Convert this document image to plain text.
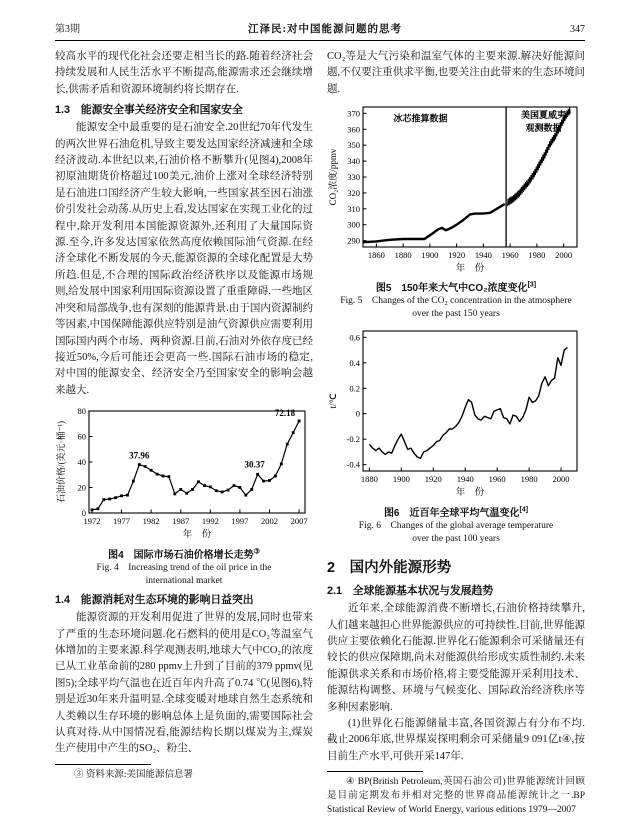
第3期	江泽民:对中国能源问题的思考	347

较高水平的现代化社会还要走相当长的路.随着经济社会持续发展和人民生活水平不断提高,能源需求还会继续增长,供需矛盾和资源环境制约将长期存在.

1.3　能源安全事关经济安全和国家安全

能源安全中最重要的是石油安全.20世纪70年代发生的两次世界石油危机,导致主要发达国家经济减速和全球经济波动.本世纪以来,石油价格不断攀升(见图4),2008年初原油期货价格超过100美元,油价上涨对全球经济特别是石油进口国经济产生较大影响,一些国家甚至因石油涨价引发社会动荡.从历史上看,发达国家在实现工业化的过程中,除开发利用本国能源资源外,还利用了大量国际资源.至今,许多发达国家依然高度依赖国际油气资源.在经济全球化不断发展的今天,能源资源的全球化配置是大势所趋.但是,不合理的国际政治经济秩序以及能源市场规则,给发展中国家利用国际资源设置了重重障碍.一些地区冲突和局部战争,也有深刻的能源背景.由于国内资源制约等因素,中国保障能源供应特别是油气资源供应需要利用国际国内两个市场、两种资源.目前,石油对外依存度已经接近50%,今后可能还会更高一些.国际石油市场的稳定,对中国的能源安全、经济安全乃至国家安全的影响会越来越大.

0
20
40
60
80
1972 1977 1982 1987 1992 1997 2002 2007
年　份
石油价格/(美元·桶⁻¹)	37.96
30.37
72.18

图4　国际市场石油价格增长走势③

Fig. 4　Increasing trend of the oil price in the
international market

1.4　能源消耗对生态环境的影响日益突出

能源资源的开发利用促进了世界的发展,同时也带来了严重的生态环境问题.化石燃料的使用是CO₂等温室气体增加的主要来源.科学观测表明,地球大气中CO₂的浓度已从工业革命前的280 ppmv上升到了目前的379 ppmv(见图5);全球平均气温也在近百年内升高了0.74 ℃(见图6),特别是近30年来升温明显.全球变暖对地球自然生态系统和人类赖以生存环境的影响总体上是负面的,需要国际社会认真对待.从中国情况看,能源结构长期以煤炭为主,煤炭生产使用中产生的SO₂、粉尘、

③ 资料来源:美国能源信息署

CO₂等是大气污染和温室气体的主要来源.解决好能源问题,不仅要注重供求平衡,也要关注由此带来的生态环境问题.

290
300
310
320
330
340
350
360
370
1860 1880 1900 1920 1940 1960 1980 2000
年　份
CO₂浓度/ppmv
冰芯推算数据	美国夏威夷
观测数据

图5　150年来大气中CO₂浓度变化[3]

Fig. 5　Changes of the CO₂ concentration in the atmosphere
over the past 150 years

-0.4
-0.2
0
0.2
0.4
0.6
1880 1900 1920 1940 1960 1980 2000
年　份
t/℃

图6　近百年全球平均气温变化[4]

Fig. 6　Changes of the global average temperature
over the past 100 years

2　国内外能源形势

2.1　全球能源基本状况与发展趋势

近年来,全球能源消费不断增长,石油价格持续攀升,人们越来越担心世界能源供应的可持续性.目前,世界能源供应主要依赖化石能源.世界化石能源剩余可采储量还有较长的供应保障期,尚未对能源供给形成实质性制约.未来能源供求关系和市场价格,将主要受能源开采利用技术、能源结构调整、环境与气候变化、国际政治经济秩序等多种因素影响.

(1)世界化石能源储量丰富,各国资源占有分布不均.截止2006年底,世界煤炭探明剩余可采储量9 091亿t④,按目前生产水平,可供开采147年.

④ BP(British Petroleum,英国石油公司)世界能源统计回顾是目前定期发布并相对完整的世界商品能源统计之一.BP Statistical Review of World Energy, various editions 1979—2007
